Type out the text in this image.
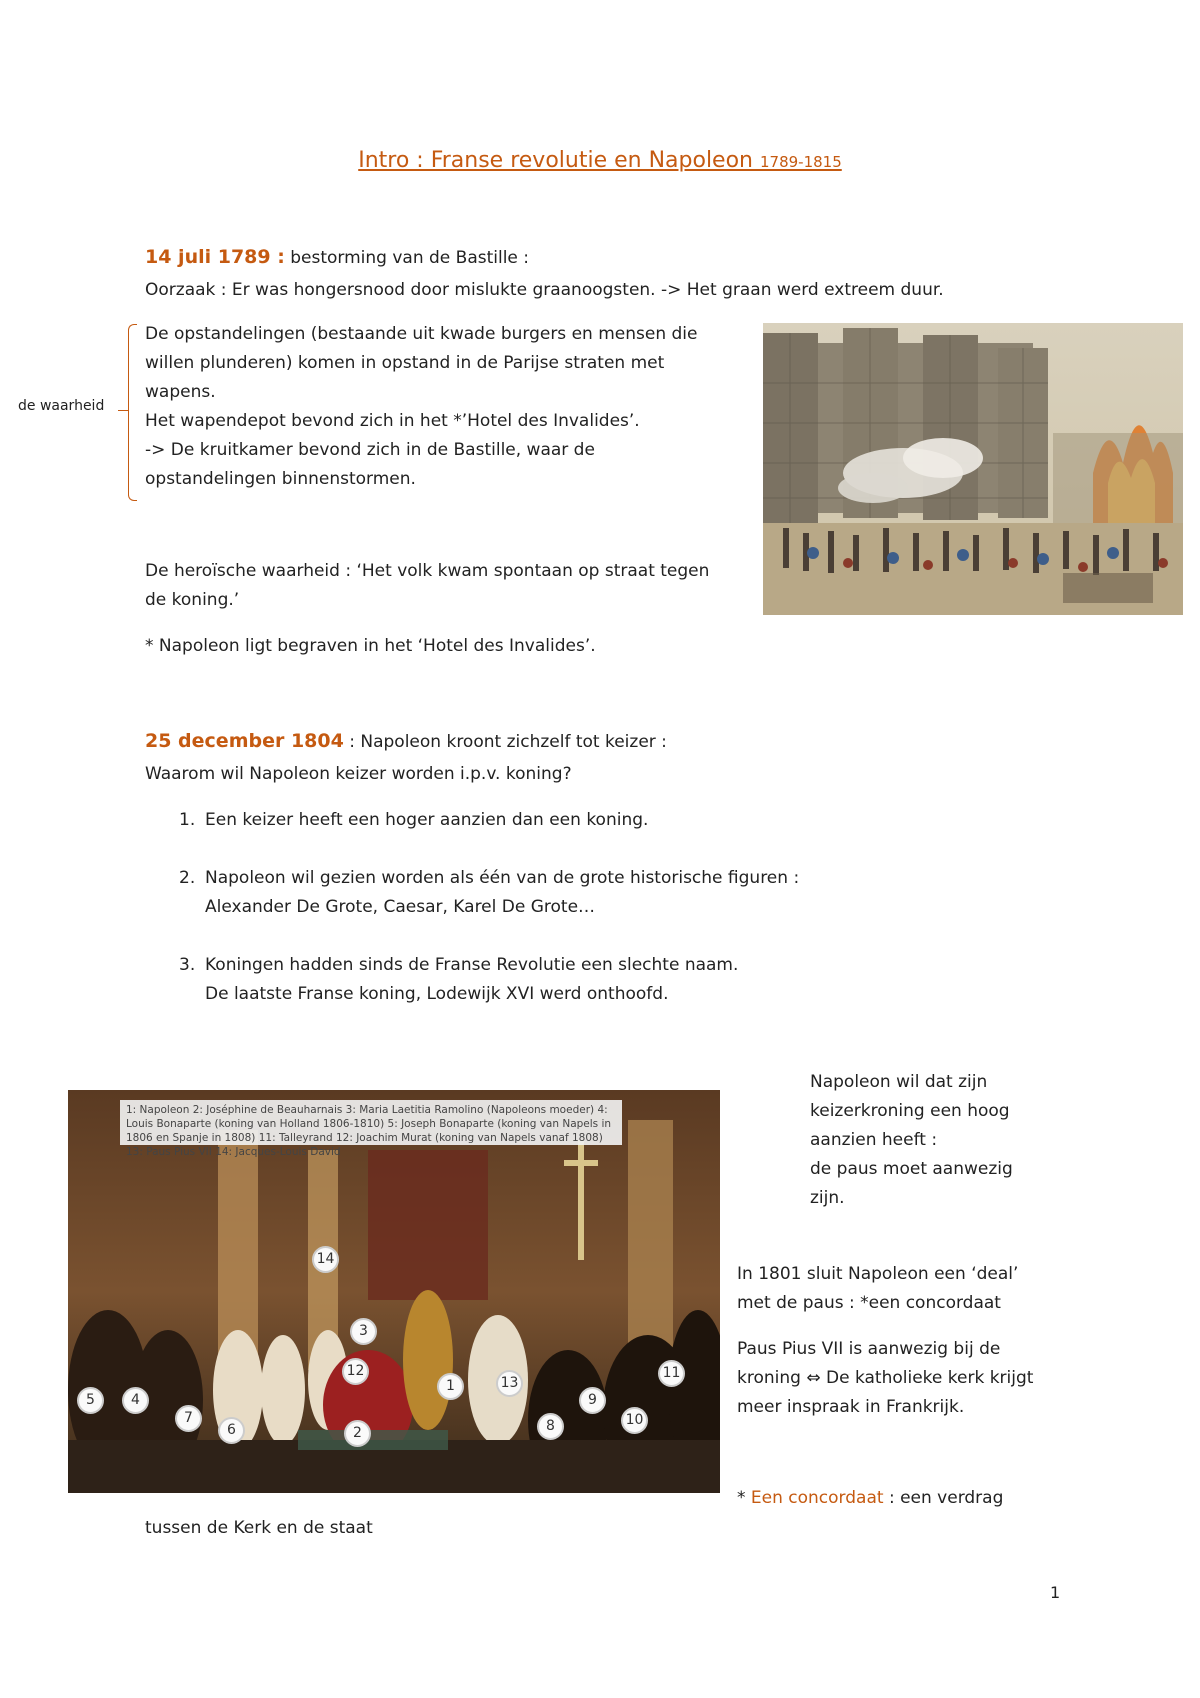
Intro : Franse revolutie en Napoleon 1789-1815
14 juli 1789 : bestorming van de Bastille :
Oorzaak : Er was hongersnood door mislukte graanoogsten. -> Het graan werd extreem duur.
de waarheid
De opstandelingen (bestaande uit kwade burgers en mensen die
willen plunderen) komen in opstand in de Parijse straten met
wapens.
Het wapendepot bevond zich in het *’Hotel des Invalides’.
-> De kruitkamer bevond zich in de Bastille, waar de
opstandelingen binnenstormen.
De heroïsche waarheid : ‘Het volk kwam spontaan op straat tegen
de koning.’
* Napoleon ligt begraven in het ‘Hotel des Invalides’.
25 december 1804 : Napoleon kroont zichzelf tot keizer :
Waarom wil Napoleon keizer worden i.p.v. koning?
1. Een keizer heeft een hoger aanzien dan een koning.
2. Napoleon wil gezien worden als één van de grote historische figuren :
Alexander De Grote, Caesar, Karel De Grote…
3. Koningen hadden sinds de Franse Revolutie een slechte naam.
De laatste Franse koning, Lodewijk XVI werd onthoofd.
1: Napoleon 2: Joséphine de Beauharnais 3: Maria Laetitia Ramolino (Napoleons moeder) 4: Louis Bonaparte (koning van Holland 1806-1810) 5: Joseph Bonaparte (koning van Napels in 1806 en Spanje in 1808) 11: Talleyrand 12: Joachim Murat (koning van Napels vanaf 1808) 13: Paus Pius VII 14: Jacques-Louis David
14
3
12
1	13
9
11
5	4
7
6	2	8	10
Napoleon wil dat zijn
keizerkroning een hoog
aanzien heeft :
de paus moet aanwezig
zijn.
In 1801 sluit Napoleon een ‘deal’
met de paus : *een concordaat
Paus Pius VII is aanwezig bij de
kroning ⇔ De katholieke kerk krijgt
meer inspraak in Frankrijk.
* Een concordaat : een verdrag
tussen de Kerk en de staat
1
